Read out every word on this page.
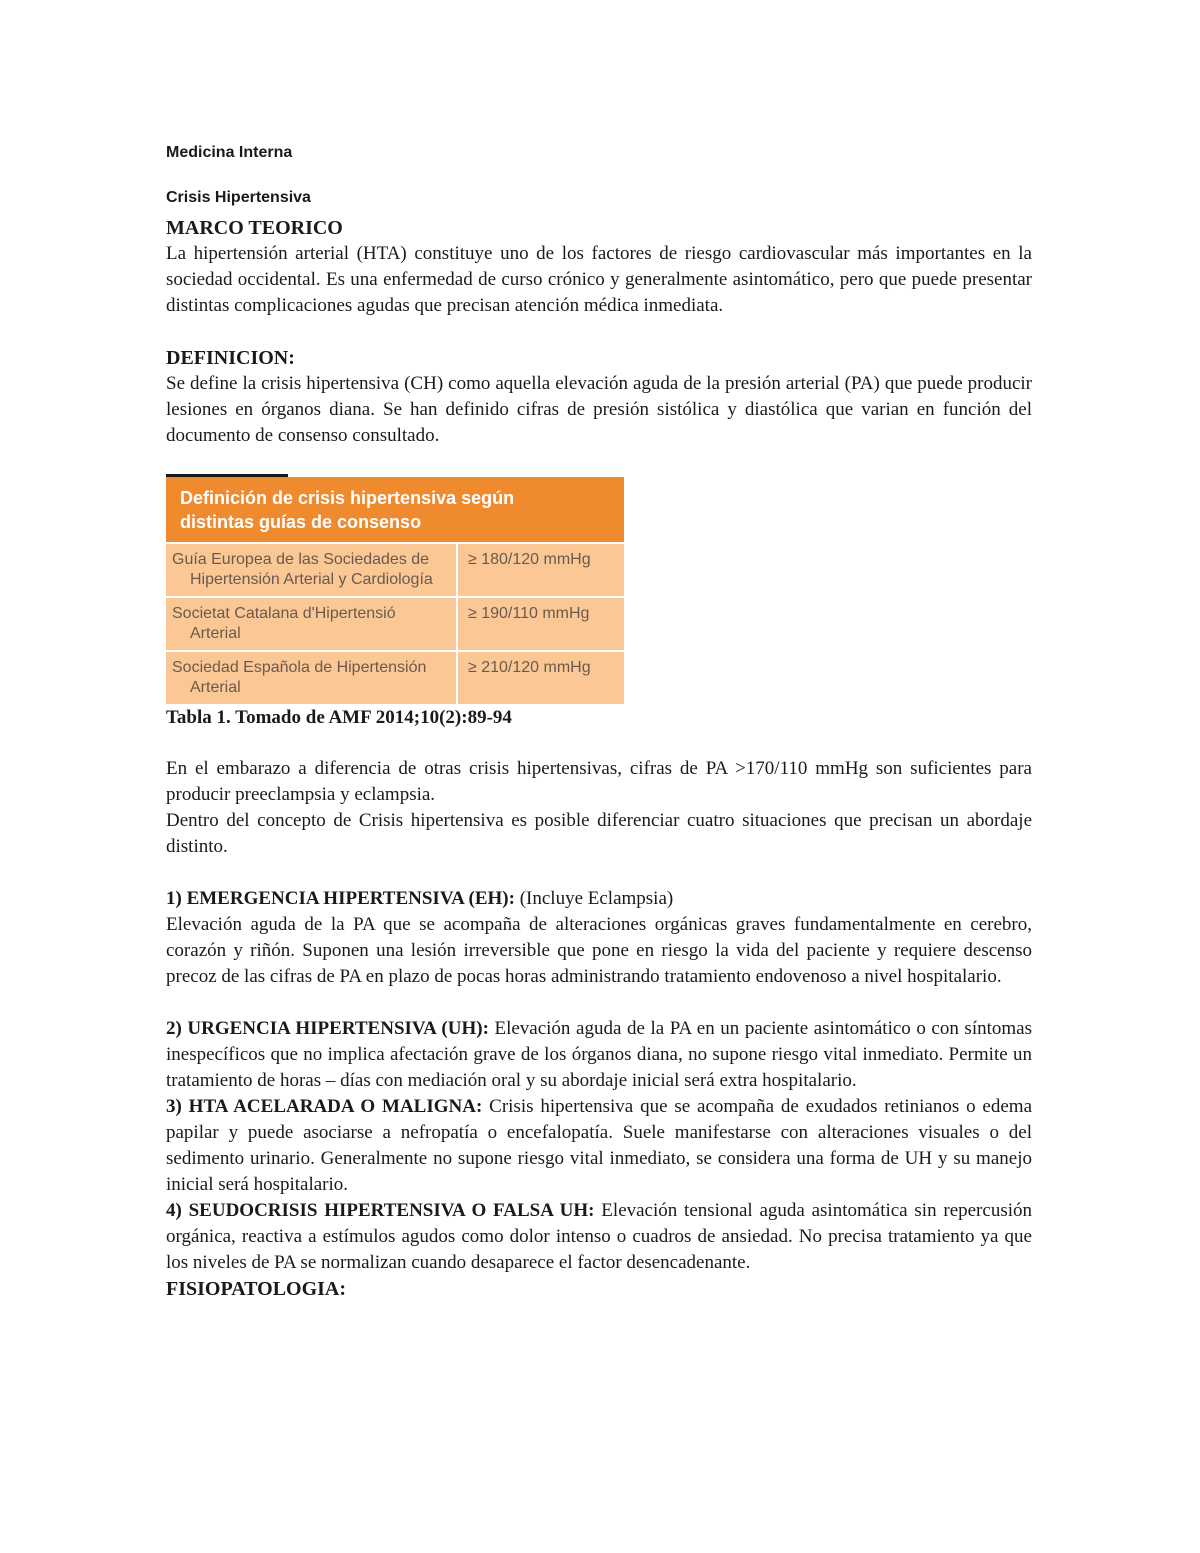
Medicina Interna

Crisis Hipertensiva

MARCO TEORICO

La hipertensión arterial (HTA) constituye uno de los factores de riesgo cardiovascular más importantes en la sociedad occidental. Es una enfermedad de curso crónico y generalmente asintomático, pero que puede presentar distintas complicaciones agudas que precisan atención médica inmediata.

DEFINICION:

Se define la crisis hipertensiva (CH) como aquella elevación aguda de la presión arterial (PA) que puede producir lesiones en órganos diana. Se han definido cifras de presión sistólica y diastólica que varian en función del documento de consenso consultado.

Definición de crisis hipertensiva según
distintas guías de consenso	
Guía Europea de las Sociedades de
Hipertensión Arterial y Cardiología	≥ 180/120 mmHg
Societat Catalana d'Hipertensió
Arterial	≥ 190/110 mmHg
Sociedad Española de Hipertensión
Arterial	≥ 210/120 mmHg

Tabla 1. Tomado de AMF 2014;10(2):89-94

En el embarazo a diferencia de otras crisis hipertensivas, cifras de PA >170/110 mmHg son suficientes para producir preeclampsia y eclampsia.

Dentro del concepto de Crisis hipertensiva es posible diferenciar cuatro situaciones que precisan un abordaje distinto.

1) EMERGENCIA HIPERTENSIVA (EH): (Incluye Eclampsia)

Elevación aguda de la PA que se acompaña de alteraciones orgánicas graves fundamentalmente en cerebro, corazón y riñón. Suponen una lesión irreversible que pone en riesgo la vida del paciente y requiere descenso precoz de las cifras de PA en plazo de pocas horas administrando tratamiento endovenoso a nivel hospitalario.

2) URGENCIA HIPERTENSIVA (UH): Elevación aguda de la PA en un paciente asintomático o con síntomas inespecíficos que no implica afectación grave de los órganos diana, no supone riesgo vital inmediato. Permite un tratamiento de horas – días con mediación oral y su abordaje inicial será extra hospitalario.

3) HTA ACELARADA O MALIGNA: Crisis hipertensiva que se acompaña de exudados retinianos o edema papilar y puede asociarse a nefropatía o encefalopatía. Suele manifestarse con alteraciones visuales o del sedimento urinario. Generalmente no supone riesgo vital inmediato, se considera una forma de UH y su manejo inicial será hospitalario.

4) SEUDOCRISIS HIPERTENSIVA O FALSA UH: Elevación tensional aguda asintomática sin repercusión orgánica, reactiva a estímulos agudos como dolor intenso o cuadros de ansiedad. No precisa tratamiento ya que los niveles de PA se normalizan cuando desaparece el factor desencadenante.

FISIOPATOLOGIA:
